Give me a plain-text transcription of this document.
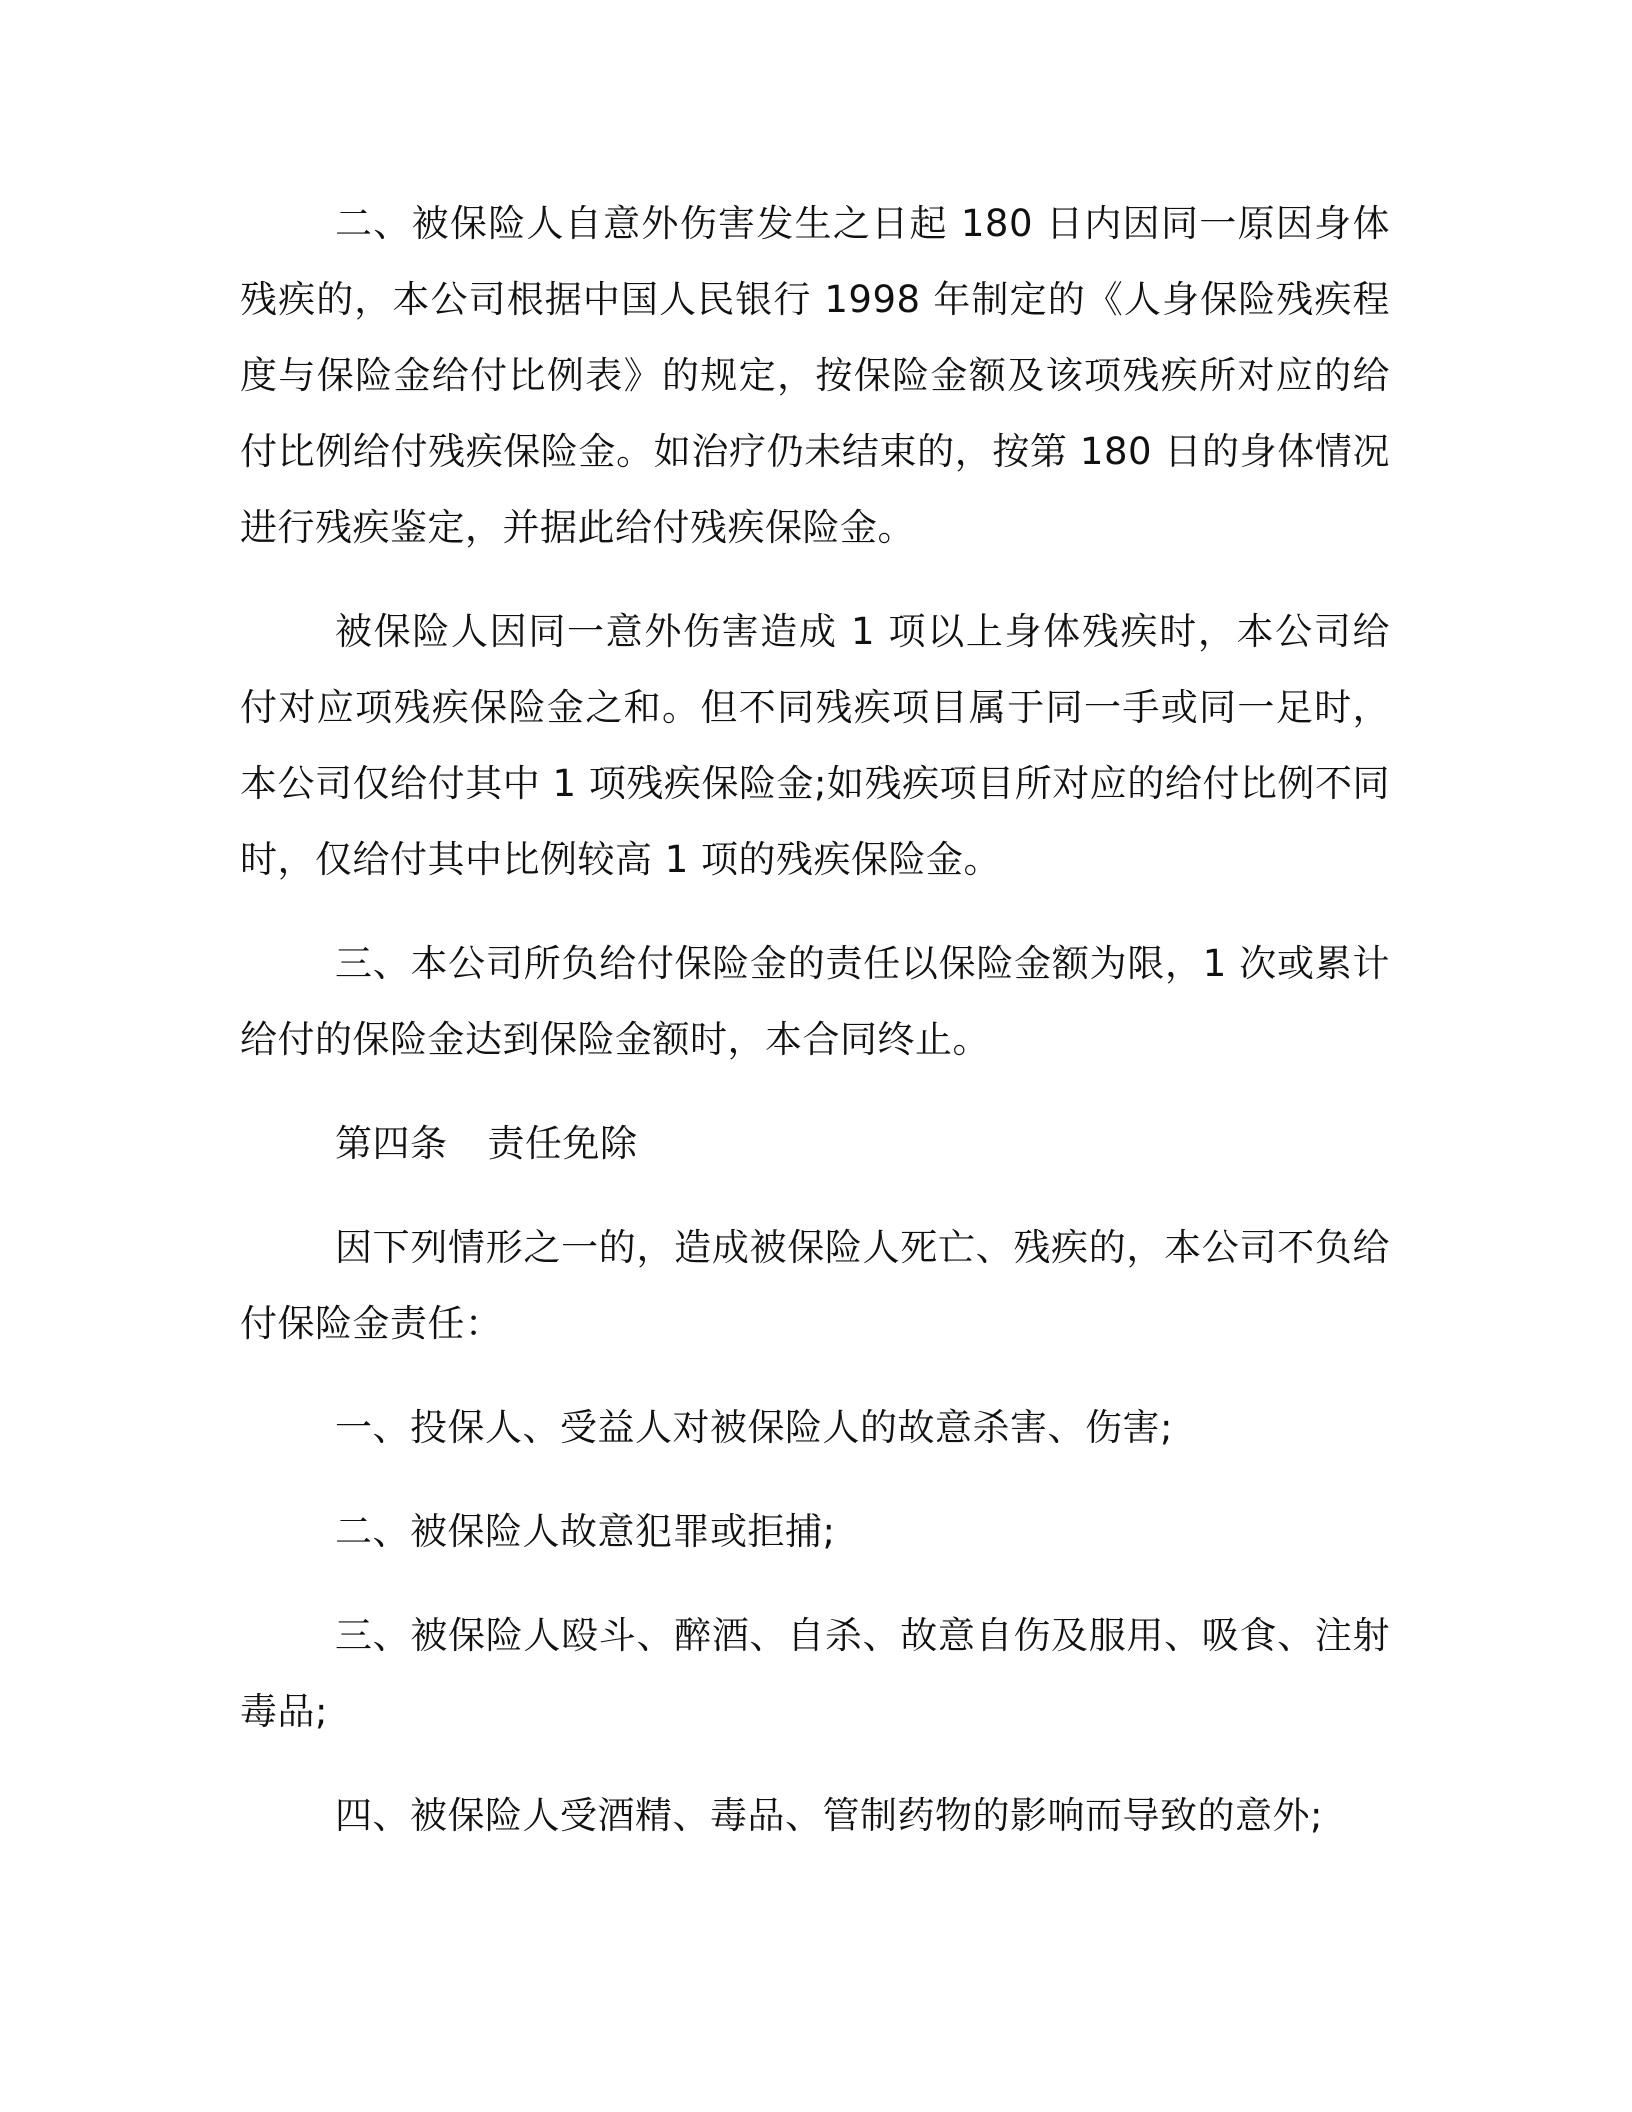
二、被保险人自意外伤害发生之日起 180 日内因同一原因身体残疾的，本公司根据中国人民银行 1998 年制定的《人身保险残疾程度与保险金给付比例表》的规定，按保险金额及该项残疾所对应的给付比例给付残疾保险金。如治疗仍未结束的，按第 180 日的身体情况进行残疾鉴定，并据此给付残疾保险金。

被保险人因同一意外伤害造成 1 项以上身体残疾时，本公司给付对应项残疾保险金之和。但不同残疾项目属于同一手或同一足时，本公司仅给付其中 1 项残疾保险金;如残疾项目所对应的给付比例不同时，仅给付其中比例较高 1 项的残疾保险金。

三、本公司所负给付保险金的责任以保险金额为限，1 次或累计给付的保险金达到保险金额时，本合同终止。

第四条 责任免除

因下列情形之一的，造成被保险人死亡、残疾的，本公司不负给付保险金责任：

一、投保人、受益人对被保险人的故意杀害、伤害;

二、被保险人故意犯罪或拒捕;

三、被保险人殴斗、醉酒、自杀、故意自伤及服用、吸食、注射毒品;

四、被保险人受酒精、毒品、管制药物的影响而导致的意外;
